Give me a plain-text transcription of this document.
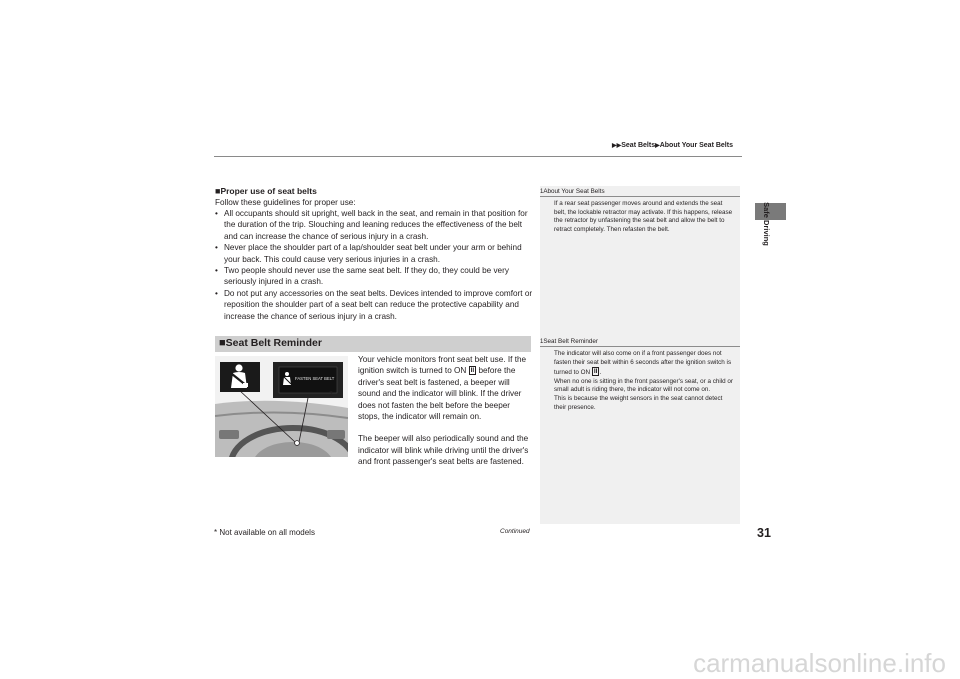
▶▶Seat Belts▶About Your Seat Belts
Safe Driving
■Proper use of seat belts
Follow these guidelines for proper use:
• All occupants should sit upright, well back in the seat, and remain in that position for the duration of the trip. Slouching and leaning reduces the effectiveness of the belt and can increase the chance of serious injury in a crash.
• Never place the shoulder part of a lap/shoulder seat belt under your arm or behind your back. This could cause very serious injuries in a crash.
• Two people should never use the same seat belt. If they do, they could be very seriously injured in a crash.
• Do not put any accessories on the seat belts. Devices intended to improve comfort or reposition the shoulder part of a seat belt can reduce the protective capability and increase the chance of serious injury in a crash.
1About Your Seat Belts
If a rear seat passenger moves around and extends the seat belt, the lockable retractor may activate. If this happens, release the retractor by unfastening the seat belt and allow the belt to retract completely. Then refasten the belt.
■Seat Belt Reminder
FASTEN SEAT BELT
*
2

Your vehicle monitors front seat belt use. If the ignition switch is turned to ON II before the driver's seat belt is fastened, a beeper will sound and the indicator will blink. If the driver does not fasten the belt before the beeper stops, the indicator will remain on.

The beeper will also periodically sound and the indicator will blink while driving until the driver's and front passenger's seat belts are fastened.

1Seat Belt Reminder
The indicator will also come on if a front passenger does not fasten their seat belt within 6 seconds after the ignition switch is turned to ON II .
When no one is sitting in the front passenger's seat, or a child or small adult is riding there, the indicator will not come on.
This is because the weight sensors in the seat cannot detect their presence.
* Not available on all models	Continued	31
carmanualsonline.info
